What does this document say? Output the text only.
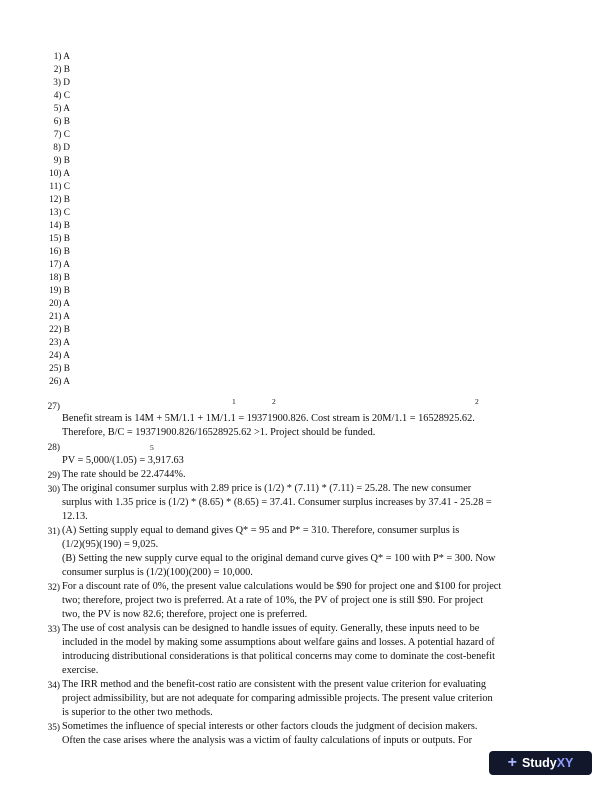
1) A
2) B
3) D
4) C
5) A
6) B
7) C
8) D
9) B
10) A
11) C
12) B
13) C
14) B
15) B
16) B
17) A
18) B
19) B
20) A
21) A
22) B
23) A
24) A
25) B
26) A
27)
1	2	2
Benefit stream is 14M + 5M/1.1 + 1M/1.1 = 19371900.826. Cost stream is 20M/1.1 = 16528925.62.
Therefore, B/C = 19371900.826/16528925.62 >1. Project should be funded.
28)	5
PV = 5,000/(1.05) = 3,917.63
29) The rate should be 22.4744%.
30) The original consumer surplus with 2.89 price is (1/2) * (7.11) * (7.11) = 25.28. The new consumer
surplus with 1.35 price is (1/2) * (8.65) * (8.65) = 37.41. Consumer surplus increases by 37.41 - 25.28 =
12.13.
31) (A) Setting supply equal to demand gives Q* = 95 and P* = 310. Therefore, consumer surplus is
(1/2)(95)(190) = 9,025.
(B) Setting the new supply curve equal to the original demand curve gives Q* = 100 with P* = 300. Now
consumer surplus is (1/2)(100)(200) = 10,000.
32) For a discount rate of 0%, the present value calculations would be $90 for project one and $100 for project
two; therefore, project two is preferred. At a rate of 10%, the PV of project one is still $90. For project
two, the PV is now 82.6; therefore, project one is preferred.
33) The use of cost analysis can be designed to handle issues of equity. Generally, these inputs need to be
included in the model by making some assumptions about welfare gains and losses. A potential hazard of
introducing distributional considerations is that political concerns may come to dominate the cost-benefit
exercise.
34) The IRR method and the benefit-cost ratio are consistent with the present value criterion for evaluating
project admissibility, but are not adequate for comparing admissible projects. The present value criterion
is superior to the other two methods.
35) Sometimes the influence of special interests or other factors clouds the judgment of decision makers.
Often the case arises where the analysis was a victim of faulty calculations of inputs or outputs. For
+ StudyXY
